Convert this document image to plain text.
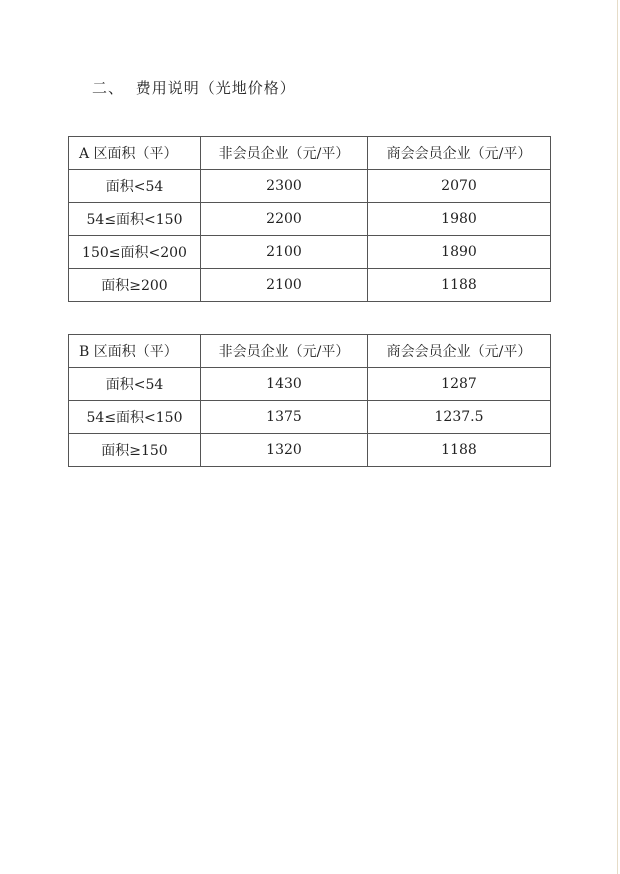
二、 费用说明（光地价格）
A 区面积（平）	非会员企业（元/平）	商会会员企业（元/平）
面积<54	2300	2070
54≤面积<150	2200	1980
150≤面积<200	2100	1890
面积≥200	2100	1188
B 区面积（平）	非会员企业（元/平）	商会会员企业（元/平）
面积<54	1430	1287
54≤面积<150	1375	1237.5
面积≥150	1320	1188
